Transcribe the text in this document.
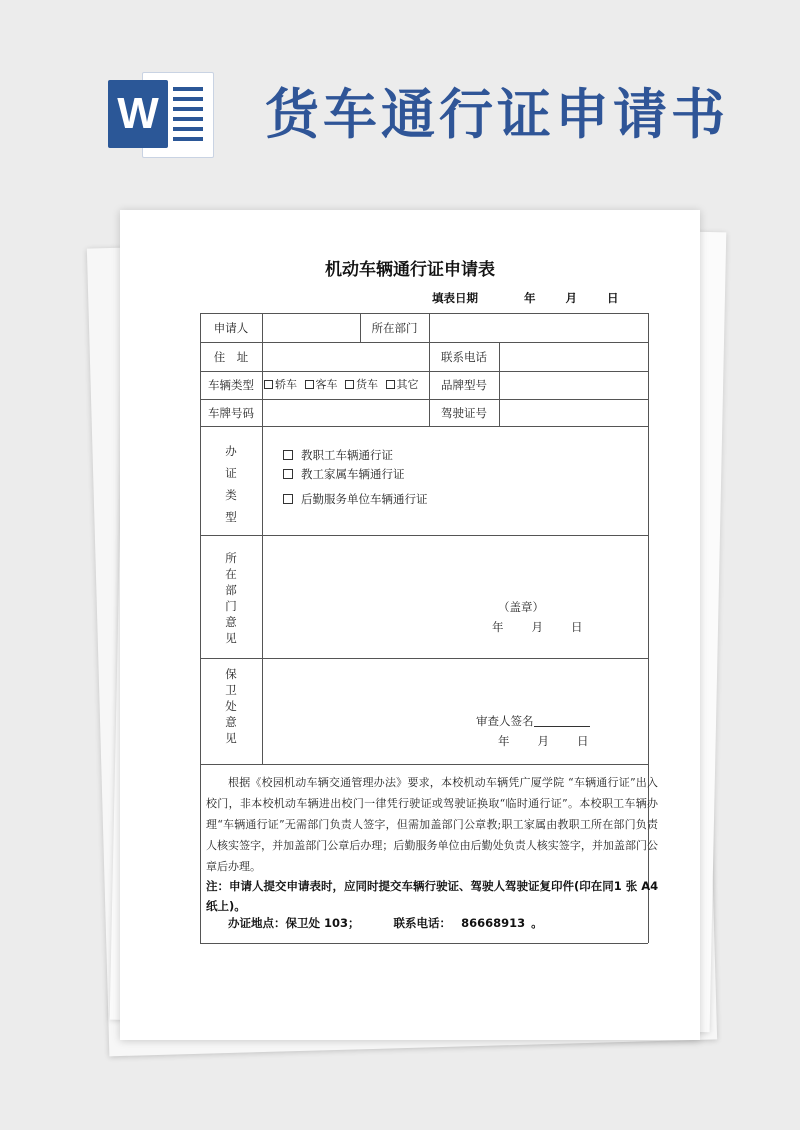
W 货车通行证申请书
机动车辆通行证申请表
填表日期	年	月	日
申请人	所在部门
住　址	联系电话
车辆类型	轿车 客车 货车 其它	品牌型号
车牌号码	驾驶证号
办证类型
教职工车辆通行证
教工家属车辆通行证
后勤服务单位车辆通行证
所在部门意见
（盖章）
年 月 日
保卫处意见
审查人签名
年 月 日
根据《校园机动车辆交通管理办法》要求，本校机动车辆凭广厦学院 “车辆通行证”出入校门，非本校机动车辆进出校门一律凭行驶证或驾驶证换取“临时通行证”。本校职工车辆办理“车辆通行证”无需部门负责人签字，但需加盖部门公章教;职工家属由教职工所在部门负责人核实签字，并加盖部门公章后办理；后勤服务单位由后勤处负责人核实签字，并加盖部门公章后办理。
注：申请人提交申请表时，应同时提交车辆行驶证、驾驶人驾驶证复印件(印在同1 张 A4 纸上)。
办证地点：保卫处 103；	联系电话： 86668913 。
